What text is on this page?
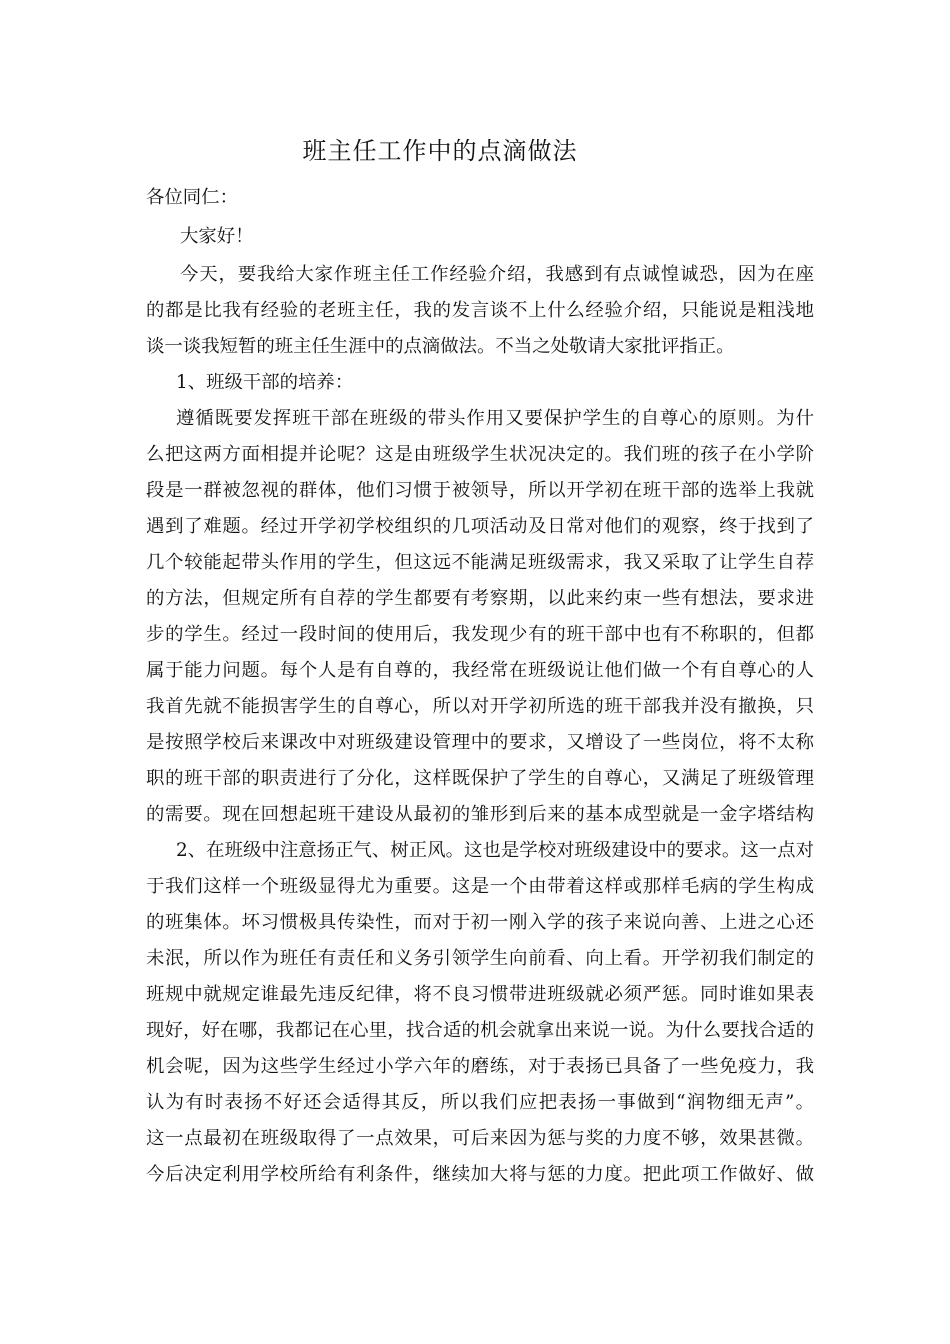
班主任工作中的点滴做法
各位同仁：
大家好！
今天，要我给大家作班主任工作经验介绍，我感到有点诚惶诚恐，因为在座
的都是比我有经验的老班主任，我的发言谈不上什么经验介绍，只能说是粗浅地
谈一谈我短暂的班主任生涯中的点滴做法。不当之处敬请大家批评指正。
1、班级干部的培养：
遵循既要发挥班干部在班级的带头作用又要保护学生的自尊心的原则。为什
么把这两方面相提并论呢？这是由班级学生状况决定的。我们班的孩子在小学阶
段是一群被忽视的群体，他们习惯于被领导，所以开学初在班干部的选举上我就
遇到了难题。经过开学初学校组织的几项活动及日常对他们的观察，终于找到了
几个较能起带头作用的学生，但这远不能满足班级需求，我又采取了让学生自荐
的方法，但规定所有自荐的学生都要有考察期，以此来约束一些有想法，要求进
步的学生。经过一段时间的使用后，我发现少有的班干部中也有不称职的，但都
属于能力问题。每个人是有自尊的，我经常在班级说让他们做一个有自尊心的人
我首先就不能损害学生的自尊心，所以对开学初所选的班干部我并没有撤换，只
是按照学校后来课改中对班级建设管理中的要求，又增设了一些岗位，将不太称
职的班干部的职责进行了分化，这样既保护了学生的自尊心，又满足了班级管理
的需要。现在回想起班干建设从最初的雏形到后来的基本成型就是一金字塔结构
2、在班级中注意扬正气、树正风。这也是学校对班级建设中的要求。这一点对
于我们这样一个班级显得尤为重要。这是一个由带着这样或那样毛病的学生构成
的班集体。坏习惯极具传染性，而对于初一刚入学的孩子来说向善、上进之心还
未泯，所以作为班任有责任和义务引领学生向前看、向上看。开学初我们制定的
班规中就规定谁最先违反纪律，将不良习惯带进班级就必须严惩。同时谁如果表
现好，好在哪，我都记在心里，找合适的机会就拿出来说一说。为什么要找合适的
机会呢，因为这些学生经过小学六年的磨练，对于表扬已具备了一些免疫力，我
认为有时表扬不好还会适得其反，所以我们应把表扬一事做到“润物细无声”。
这一点最初在班级取得了一点效果，可后来因为惩与奖的力度不够，效果甚微。
今后决定利用学校所给有利条件，继续加大将与惩的力度。把此项工作做好、做
